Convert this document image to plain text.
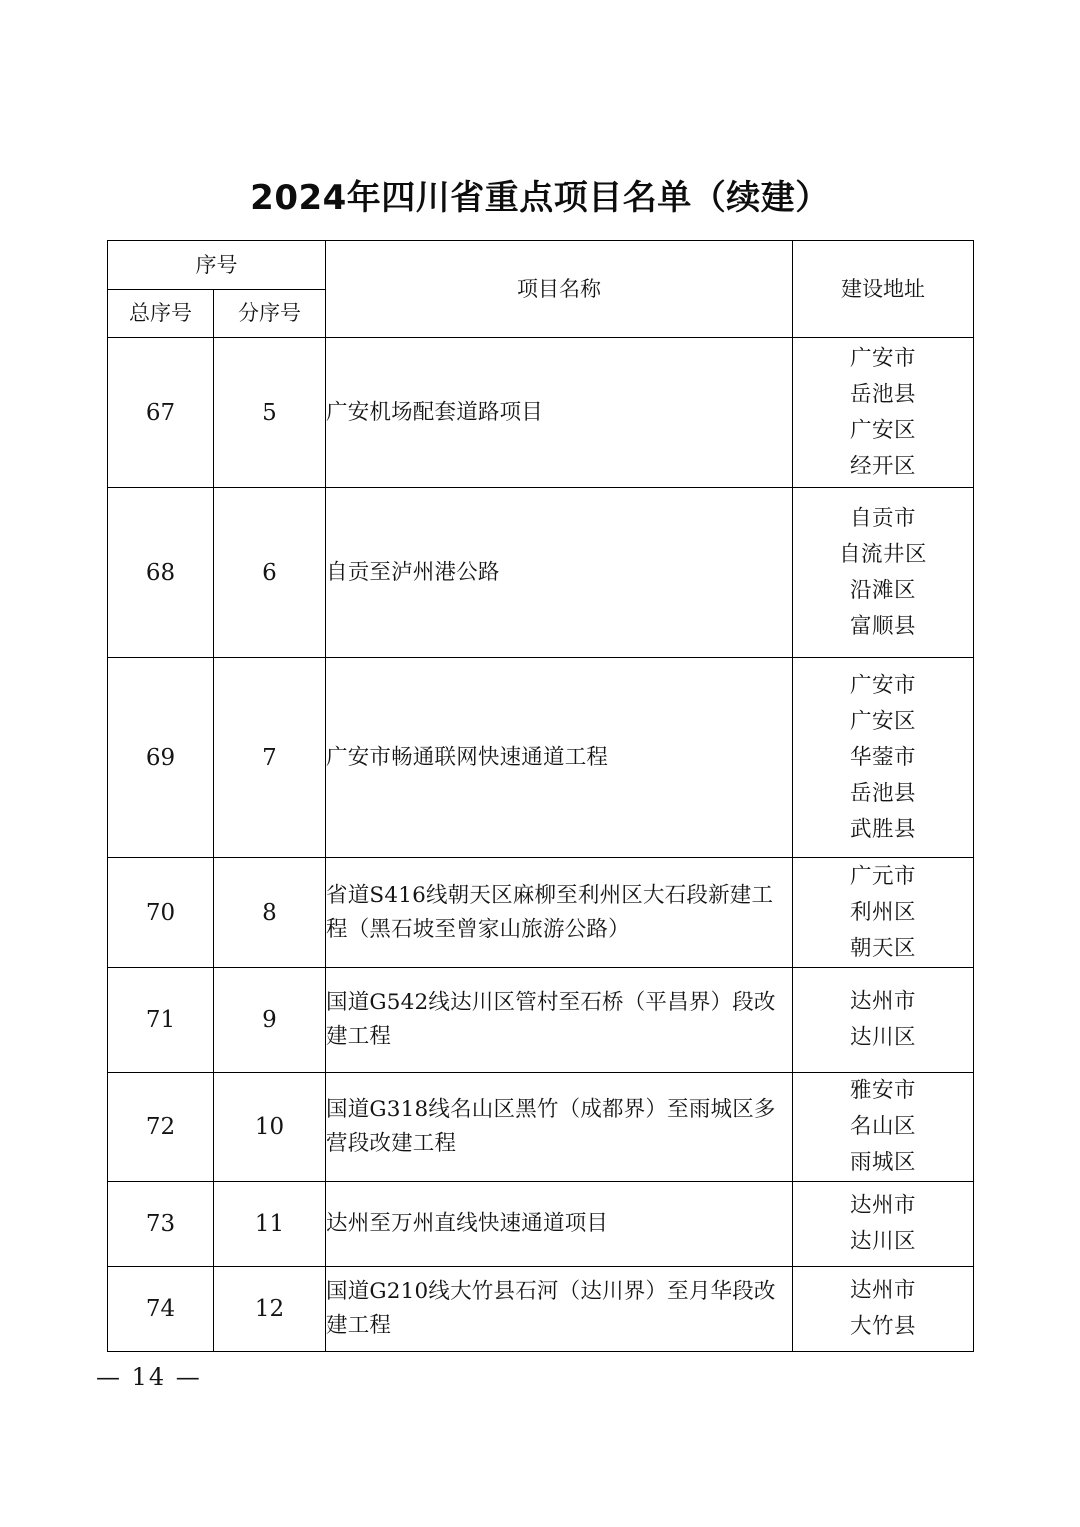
2024年四川省重点项目名单（续建）
序号		项目名称	建设地址
总序号	分序号		
67	5	广安机场配套道路项目	广安市
岳池县
广安区
经开区

68	6	自贡至泸州港公路	自贡市
自流井区
沿滩区
富顺县

69	7	广安市畅通联网快速通道工程	广安市
广安区
华蓥市
岳池县
武胜县

70	8	省道S416线朝天区麻柳至利州区大石段新建工程（黑石坡至曾家山旅游公路）	广元市
利州区
朝天区

71	9	国道G542线达川区管村至石桥（平昌界）段改建工程	达州市
达川区

72	10	国道G318线名山区黑竹（成都界）至雨城区多营段改建工程	雅安市
名山区
雨城区

73	11	达州至万州直线快速通道项目	达州市
达川区

74	12	国道G210线大竹县石河（达川界）至月华段改建工程	达州市
大竹县
— 14 —
